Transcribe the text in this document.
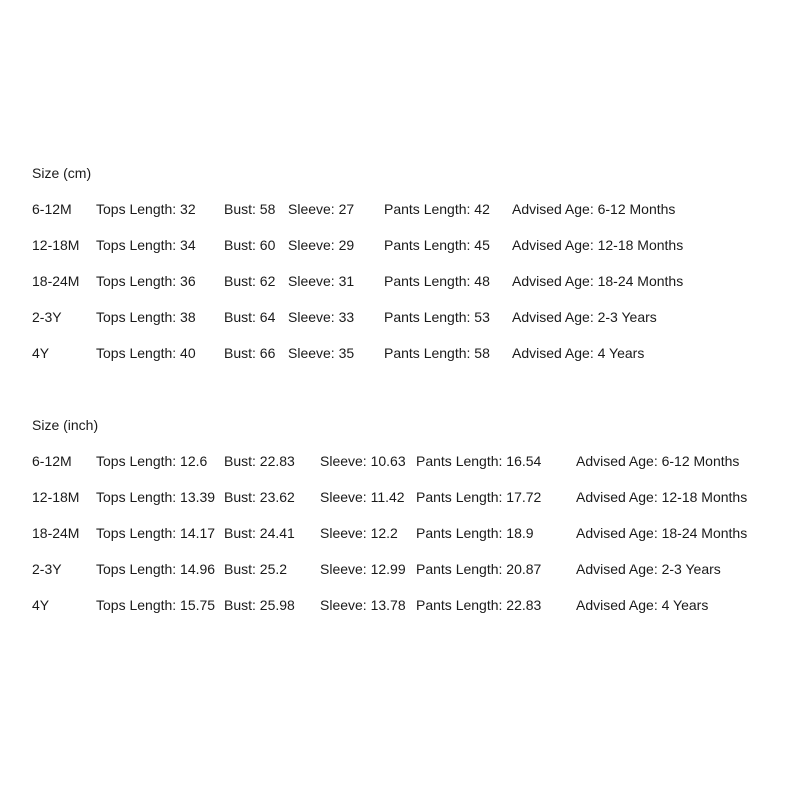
Size (cm)
6-12M Tops Length: 32 Bust: 58 Sleeve: 27 Pants Length: 42 Advised Age: 6-12 Months
12-18M Tops Length: 34 Bust: 60 Sleeve: 29 Pants Length: 45 Advised Age: 12-18 Months
18-24M Tops Length: 36 Bust: 62 Sleeve: 31 Pants Length: 48 Advised Age: 18-24 Months
2-3Y Tops Length: 38 Bust: 64 Sleeve: 33 Pants Length: 53 Advised Age: 2-3 Years
4Y	Tops Length: 40 Bust: 66 Sleeve: 35 Pants Length: 58 Advised Age: 4 Years
Size (inch)
6-12M Tops Length: 12.6 Bust: 22.83 Sleeve: 10.63 Pants Length: 16.54 Advised Age: 6-12 Months
12-18M Tops Length: 13.39 Bust: 23.62 Sleeve: 11.42 Pants Length: 17.72 Advised Age: 12-18 Months
18-24M Tops Length: 14.17 Bust: 24.41 Sleeve: 12.2 Pants Length: 18.9	Advised Age: 18-24 Months
2-3Y Tops Length: 14.96 Bust: 25.2 Sleeve: 12.99 Pants Length: 20.87 Advised Age: 2-3 Years
4Y	Tops Length: 15.75 Bust: 25.98 Sleeve: 13.78 Pants Length: 22.83 Advised Age: 4 Years
